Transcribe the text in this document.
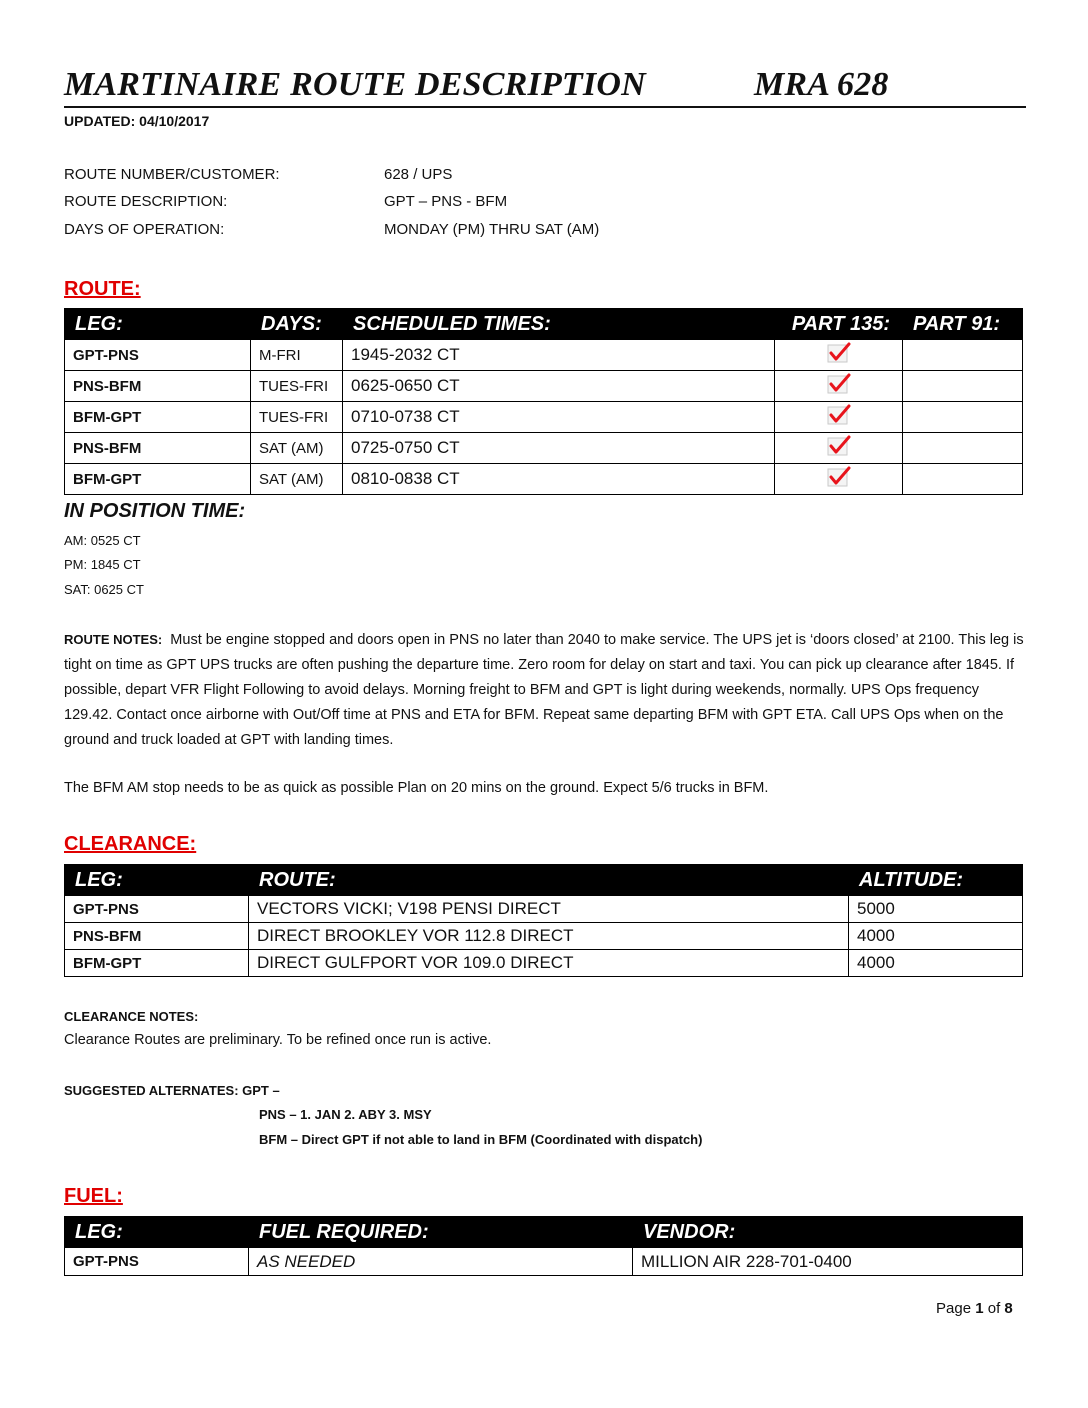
MARTINAIRE ROUTE DESCRIPTION	MRA 628
UPDATED: 04/10/2017
ROUTE NUMBER/CUSTOMER:	628 / UPS
ROUTE DESCRIPTION:	GPT – PNS - BFM
DAYS OF OPERATION:	MONDAY (PM) THRU SAT (AM)
ROUTE:
LEG:	DAYS:	SCHEDULED TIMES:	PART 135:	PART 91:
GPT-PNS	M-FRI	1945-2032 CT		
PNS-BFM	TUES-FRI	0625-0650 CT		
BFM-GPT	TUES-FRI	0710-0738 CT		
PNS-BFM	SAT (AM)	0725-0750 CT		
BFM-GPT	SAT (AM)	0810-0838 CT		
IN POSITION TIME:
AM: 0525 CT
PM: 1845 CT
SAT: 0625 CT
ROUTE NOTES: Must be engine stopped and doors open in PNS no later than 2040 to make service. The UPS jet is ‘doors closed’ at 2100. This leg is tight on time as GPT UPS trucks are often pushing the departure time. Zero room for delay on start and taxi. You can pick up clearance after 1845. If possible, depart VFR Flight Following to avoid delays. Morning freight to BFM and GPT is light during weekends, normally. UPS Ops frequency 129.42. Contact once airborne with Out/Off time at PNS and ETA for BFM. Repeat same departing BFM with GPT ETA. Call UPS Ops when on the ground and truck loaded at GPT with landing times.
The BFM AM stop needs to be as quick as possible Plan on 20 mins on the ground. Expect 5/6 trucks in BFM.
CLEARANCE:
LEG:	ROUTE:	ALTITUDE:
GPT-PNS	VECTORS VICKI; V198 PENSI DIRECT	5000
PNS-BFM	DIRECT BROOKLEY VOR 112.8 DIRECT	4000
BFM-GPT	DIRECT GULFPORT VOR 109.0 DIRECT	4000
CLEARANCE NOTES:
Clearance Routes are preliminary. To be refined once run is active.
SUGGESTED ALTERNATES: GPT –
PNS – 1. JAN 2. ABY 3. MSY
BFM – Direct GPT if not able to land in BFM (Coordinated with dispatch)
FUEL:
LEG:	FUEL REQUIRED:	VENDOR:
GPT-PNS	AS NEEDED	MILLION AIR 228-701-0400
Page 1 of 8
